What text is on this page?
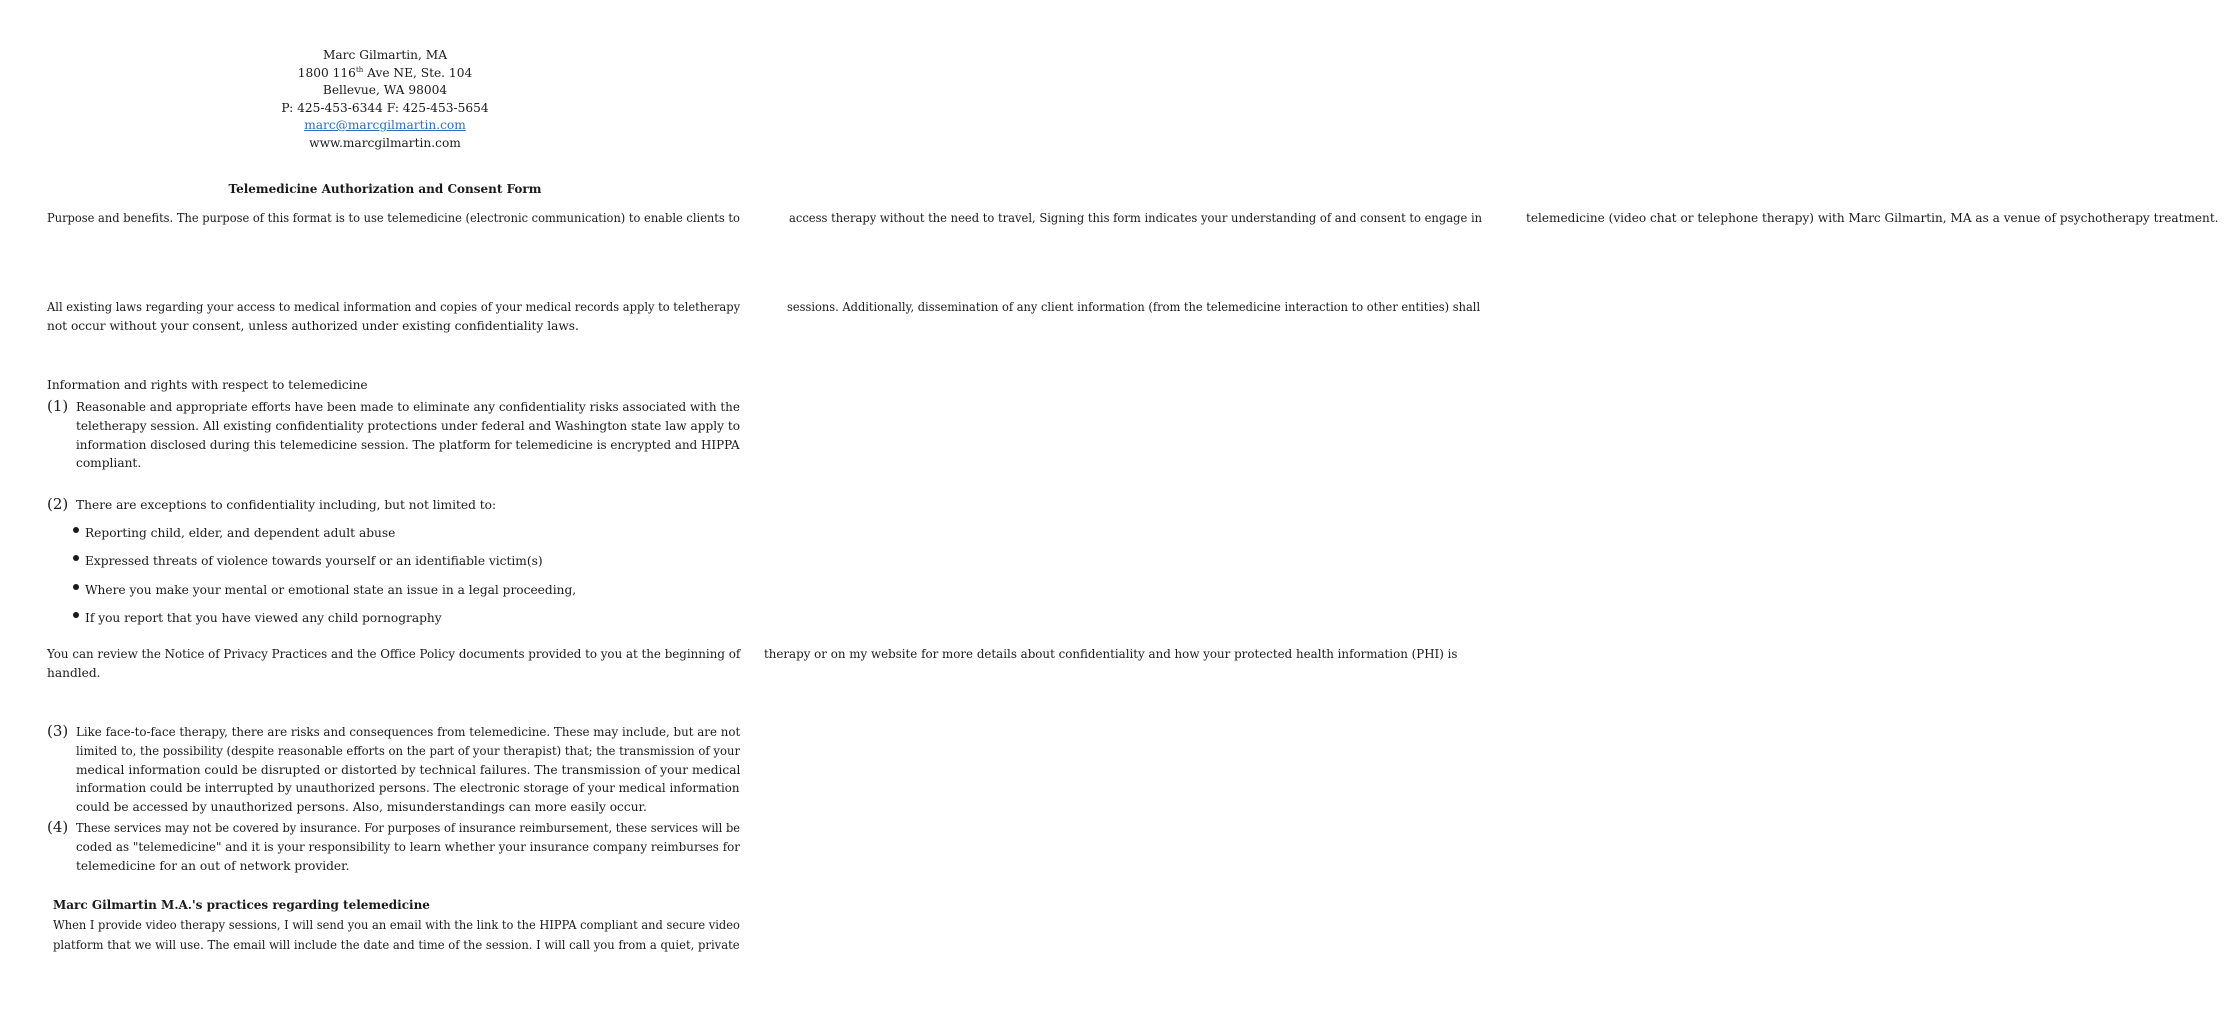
Marc Gilmartin, MA
1800 116th Ave NE, Ste. 104
Bellevue, WA 98004
P: 425-453-6344 F: 425-453-5654
marc@marcgilmartin.com
www.marcgilmartin.com
Telemedicine Authorization and Consent Form
Purpose and benefits. The purpose of this format is to use telemedicine (electronic communication) to enable clients to	access therapy without the need to travel, Signing this form indicates your understanding of and consent to engage in	telemedicine (video chat or telephone therapy) with Marc Gilmartin, MA as a venue of psychotherapy treatment.
All existing laws regarding your access to medical information and copies of your medical records apply to teletherapy	sessions. Additionally, dissemination of any client information (from the telemedicine interaction to other entities) shall
not occur without your consent, unless authorized under existing confidentiality laws.
Information and rights with respect to telemedicine
(1) Reasonable and appropriate efforts have been made to eliminate any confidentiality risks associated with the teletherapy session. All existing confidentiality protections under federal and Washington state law apply to information disclosed during this telemedicine session. The platform for telemedicine is encrypted and HIPPA
compliant.
(2) There are exceptions to confidentiality including, but not limited to:
Reporting child, elder, and dependent adult abuse
Expressed threats of violence towards yourself or an identifiable victim(s)
Where you make your mental or emotional state an issue in a legal proceeding,
If you report that you have viewed any child pornography
You can review the Notice of Privacy Practices and the Office Policy documents provided to you at the beginning of therapy or on my website for more details about confidentiality and how your protected health information (PHI) is
handled.
(3) Like face-to-face therapy, there are risks and consequences from telemedicine. These may include, but are not limited to, the possibility (despite reasonable efforts on the part of your therapist) that; the transmission of your
medical information could be disrupted or distorted by technical failures. The transmission of your medical
information could be interrupted by unauthorized persons. The electronic storage of your medical information
could be accessed by unauthorized persons. Also, misunderstandings can more easily occur.
(4) These services may not be covered by insurance. For purposes of insurance reimbursement, these services will be coded as "telemedicine" and it is your responsibility to learn whether your insurance company reimburses for
telemedicine for an out of network provider.
Marc Gilmartin M.A.'s practices regarding telemedicine
When I provide video therapy sessions, I will send you an email with the link to the HIPPA compliant and secure video platform that we will use. The email will include the date and time of the session. I will call you from a quiet, private
